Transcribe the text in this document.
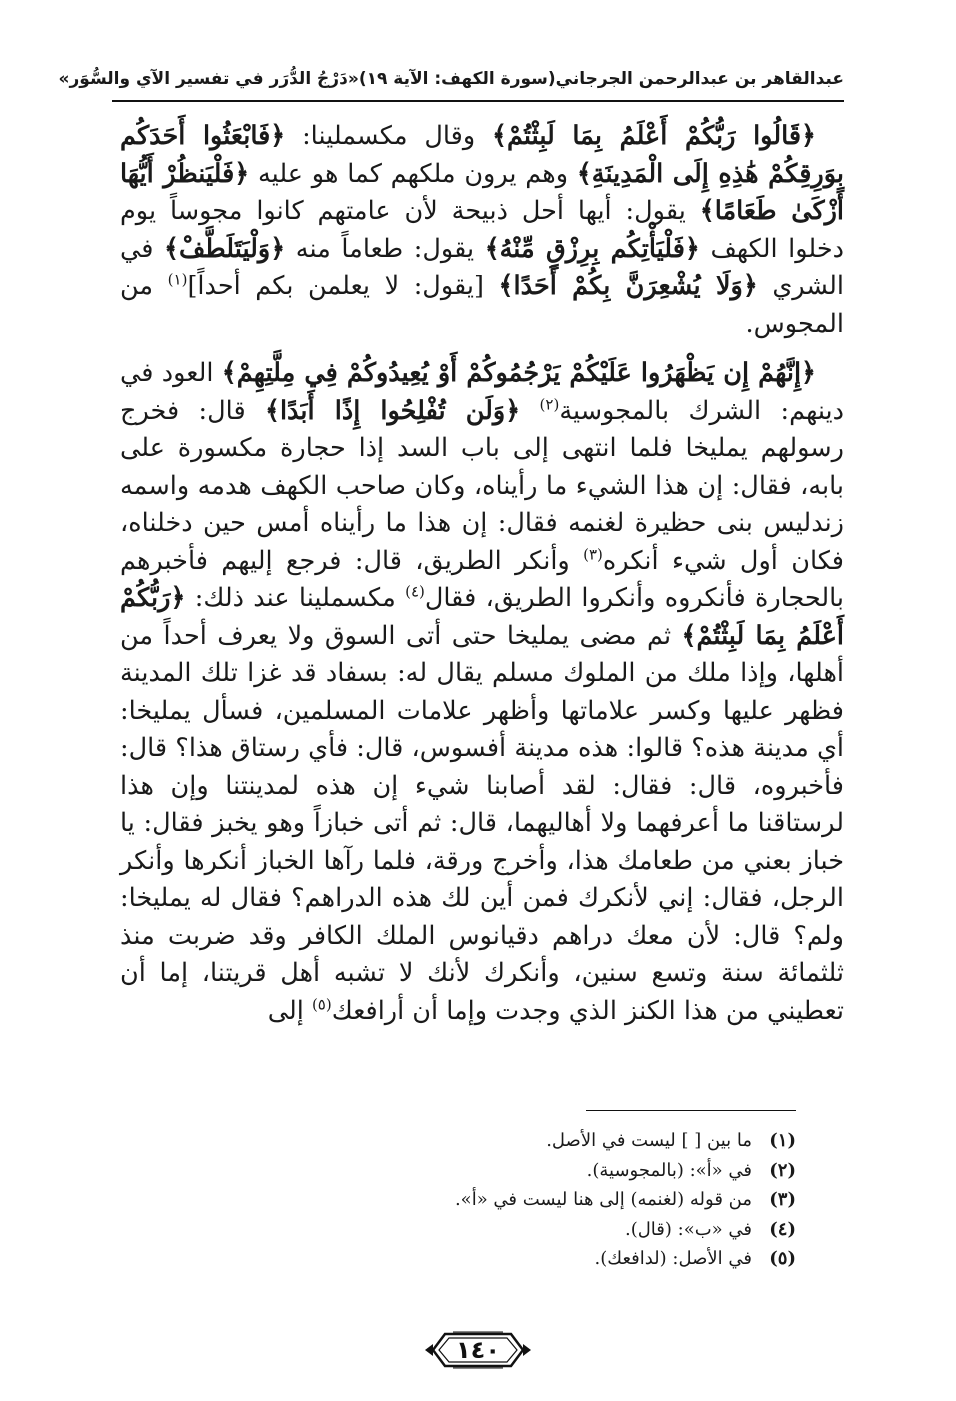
عبدالقاهر بن عبدالرحمن الجرجاني
(سورة الكهف: الآية ١٩)
«دَرْجُ الدُّرَر في تفسير الآي والسُّوَر»

﴿قَالُوا رَبُّكُمْ أَعْلَمُ بِمَا لَبِثْتُمْ﴾ وقال مكسملينا: ﴿فَابْعَثُوا أَحَدَكُم بِوَرِقِكُمْ هَٰذِهِ إِلَى الْمَدِينَةِ﴾ وهم يرون ملكهم كما هو عليه ﴿فَلْيَنظُرْ أَيُّهَا أَزْكَىٰ طَعَامًا﴾ يقول: أيها أحل ذبيحة لأن عامتهم كانوا مجوساً يوم دخلوا الكهف ﴿فَلْيَأْتِكُم بِرِزْقٍ مِّنْهُ﴾ يقول: طعاماً منه ﴿وَلْيَتَلَطَّفْ﴾ في الشري ﴿وَلَا يُشْعِرَنَّ بِكُمْ أَحَدًا﴾ [يقول: لا يعلمن بكم أحداً]$^{(١)}$ من المجوس.

﴿إِنَّهُمْ إِن يَظْهَرُوا عَلَيْكُمْ يَرْجُمُوكُمْ أَوْ يُعِيدُوكُمْ فِي مِلَّتِهِمْ﴾ العود في دينهم: الشرك بالمجوسية$^{(٢)}$ ﴿وَلَن تُفْلِحُوا إِذًا أَبَدًا﴾ قال: فخرج رسولهم يمليخا فلما انتهى إلى باب السد إذا حجارة مكسورة على بابه، فقال: إن هذا الشيء ما رأيناه، وكان صاحب الكهف هدمه واسمه زندليس بنى حظيرة لغنمه فقال: إن هذا ما رأيناه أمس حين دخلناه، فكان أول شيء أنكره$^{(٣)}$ وأنكر الطريق، قال: فرجع إليهم فأخبرهم بالحجارة فأنكروه وأنكروا الطريق، فقال$^{(٤)}$ مكسملينا عند ذلك: ﴿رَبُّكُمْ أَعْلَمُ بِمَا لَبِثْتُمْ﴾ ثم مضى يمليخا حتى أتى السوق ولا يعرف أحداً من أهلها، وإذا ملك من الملوك مسلم يقال له: بسفاد قد غزا تلك المدينة فظهر عليها وكسر علاماتها وأظهر علامات المسلمين، فسأل يمليخا: أي مدينة هذه؟ قالوا: هذه مدينة أفسوس، قال: فأي رستاق هذا؟ قال: فأخبروه، قال: فقال: لقد أصابنا شيء إن هذه لمدينتنا وإن هذا لرستاقنا ما أعرفهما ولا أهاليهما، قال: ثم أتى خبازاً وهو يخبز فقال: يا خباز بعني من طعامك هذا، وأخرج ورقة، فلما رآها الخباز أنكرها وأنكر الرجل، فقال: إني لأنكرك فمن أين لك هذه الدراهم؟ فقال له يمليخا: ولم؟ قال: لأن معك دراهم دقيانوس الملك الكافر وقد ضربت منذ ثلثمائة سنة وتسع سنين، وأنكرك لأنك لا تشبه أهل قريتنا، إما أن تعطيني من هذا الكنز الذي وجدت وإما أن أرافعك$^{(٥)}$ إلى

(١)
ما بين [ ] ليست في الأصل.
(٢)
في «أ»: (بالمجوسية).
(٣)
من قوله (لغنمه) إلى هنا ليست في «أ».
(٤)
في «ب»: (قال).
(٥)
في الأصل: (لدافعك).
١٤٠
